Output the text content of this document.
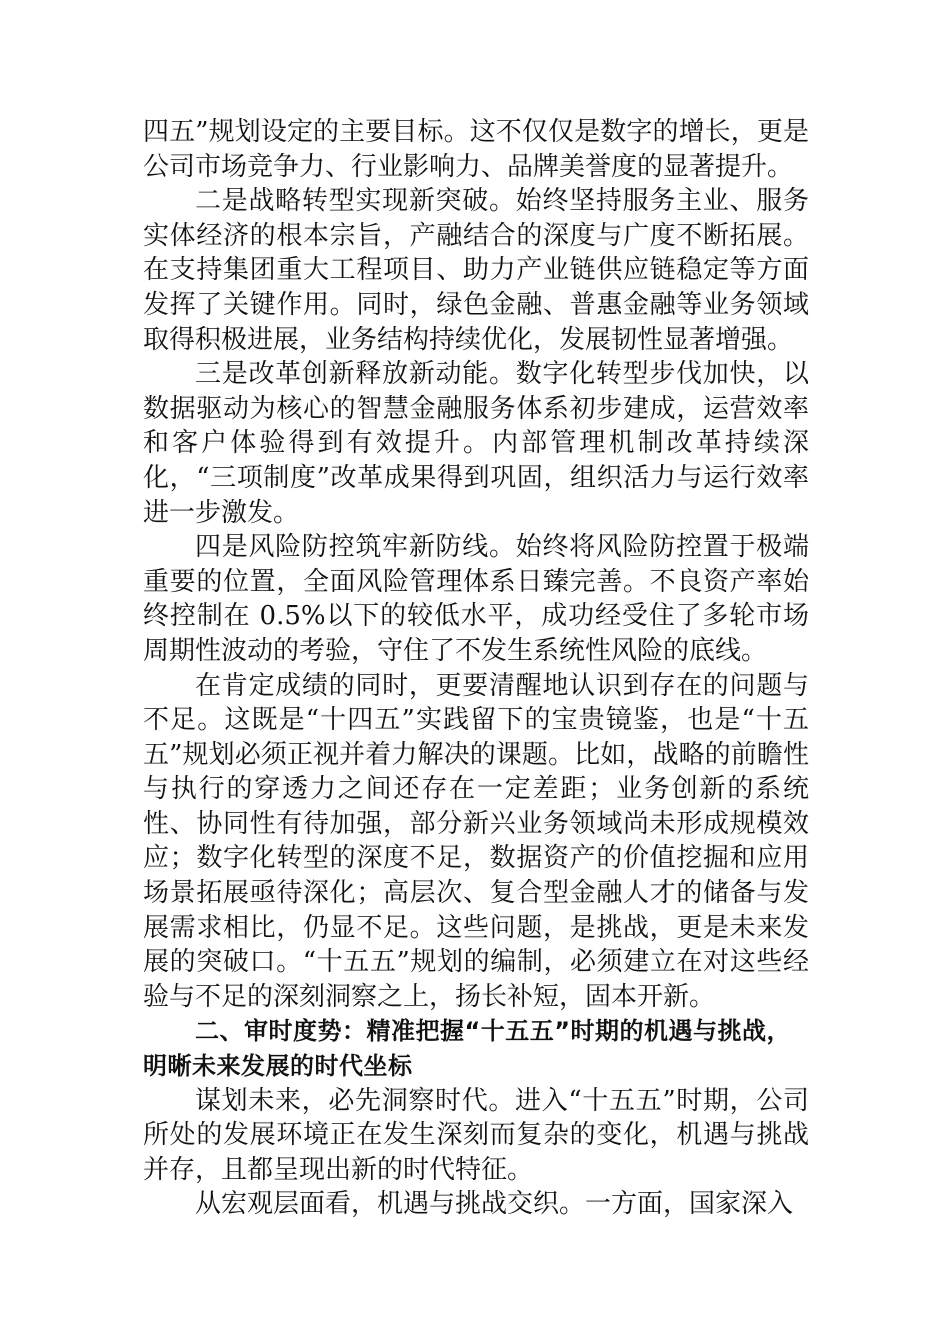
四五”规划设定的主要目标。这不仅仅是数字的增长，更是公司市场竞争力、行业影响力、品牌美誉度的显著提升。

二是战略转型实现新突破。始终坚持服务主业、服务实体经济的根本宗旨，产融结合的深度与广度不断拓展。在支持集团重大工程项目、助力产业链供应链稳定等方面发挥了关键作用。同时，绿色金融、普惠金融等业务领域取得积极进展，业务结构持续优化，发展韧性显著增强。

三是改革创新释放新动能。数字化转型步伐加快，以数据驱动为核心的智慧金融服务体系初步建成，运营效率和客户体验得到有效提升。内部管理机制改革持续深化，“三项制度”改革成果得到巩固，组织活力与运行效率进一步激发。

四是风险防控筑牢新防线。始终将风险防控置于极端重要的位置，全面风险管理体系日臻完善。不良资产率始终控制在 0.5%以下的较低水平，成功经受住了多轮市场周期性波动的考验，守住了不发生系统性风险的底线。

在肯定成绩的同时，更要清醒地认识到存在的问题与不足。这既是“十四五”实践留下的宝贵镜鉴，也是“十五五”规划必须正视并着力解决的课题。比如，战略的前瞻性与执行的穿透力之间还存在一定差距；业务创新的系统性、协同性有待加强，部分新兴业务领域尚未形成规模效应；数字化转型的深度不足，数据资产的价值挖掘和应用场景拓展亟待深化；高层次、复合型金融人才的储备与发展需求相比，仍显不足。这些问题，是挑战，更是未来发展的突破口。“十五五”规划的编制，必须建立在对这些经验与不足的深刻洞察之上，扬长补短，固本开新。

二、审时度势：精准把握“十五五”时期的机遇与挑战，明晰未来发展的时代坐标

谋划未来，必先洞察时代。进入“十五五”时期，公司所处的发展环境正在发生深刻而复杂的变化，机遇与挑战并存，且都呈现出新的时代特征。

从宏观层面看，机遇与挑战交织。一方面，国家深入
